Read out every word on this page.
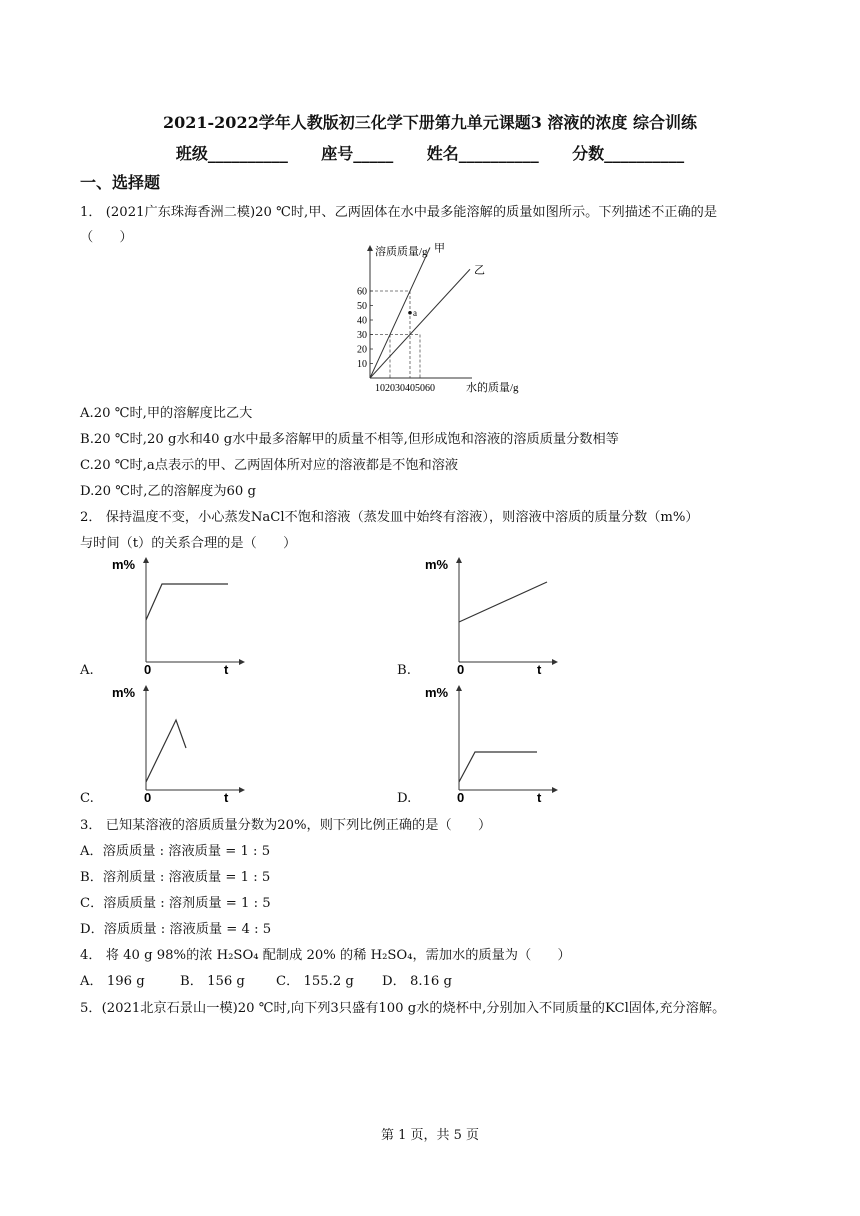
2021-2022学年人教版初三化学下册第九单元课题3 溶液的浓度 综合训练
班级__________      座号_____      姓名__________      分数__________
一、选择题
1． (2021广东珠海香洲二模)20 ℃时,甲、乙两固体在水中最多能溶解的质量如图所示。下列描述不正确的是
（　　）
溶质质量/g
水的质量/g
10 20 30 40 50 60
10
20
30
40
50
60
甲
乙
a
A.20 ℃时,甲的溶解度比乙大
B.20 ℃时,20 g水和40 g水中最多溶解甲的质量不相等,但形成饱和溶液的溶质质量分数相等
C.20 ℃时,a点表示的甲、乙两固体所对应的溶液都是不饱和溶液
D.20 ℃时,乙的溶解度为60 g
2． 保持温度不变，小心蒸发NaCl不饱和溶液（蒸发皿中始终有溶液），则溶液中溶质的质量分数（m%）
与时间（t）的关系合理的是（　　）
A.
m%
0	t	B.
m%
0	t
C.
m%
0	t	D.
m%
0	t
3． 已知某溶液的溶质质量分数为20%，则下列比例正确的是（　　）
A．溶质质量 : 溶液质量 = 1 : 5
B．溶剂质量 : 溶液质量 = 1 : 5
C．溶质质量 : 溶剂质量 = 1 : 5
D．溶质质量 : 溶液质量 = 4 : 5
4． 将 40 g 98%的浓 H₂SO₄ 配制成 20% 的稀 H₂SO₄，需加水的质量为（　　）
A． 196 g	B． 156 g C． 155.2 g D． 8.16 g
5．(2021北京石景山一模)20 ℃时,向下列3只盛有100 g水的烧杯中,分别加入不同质量的KCl固体,充分溶解。
第 1 页，共 5 页
